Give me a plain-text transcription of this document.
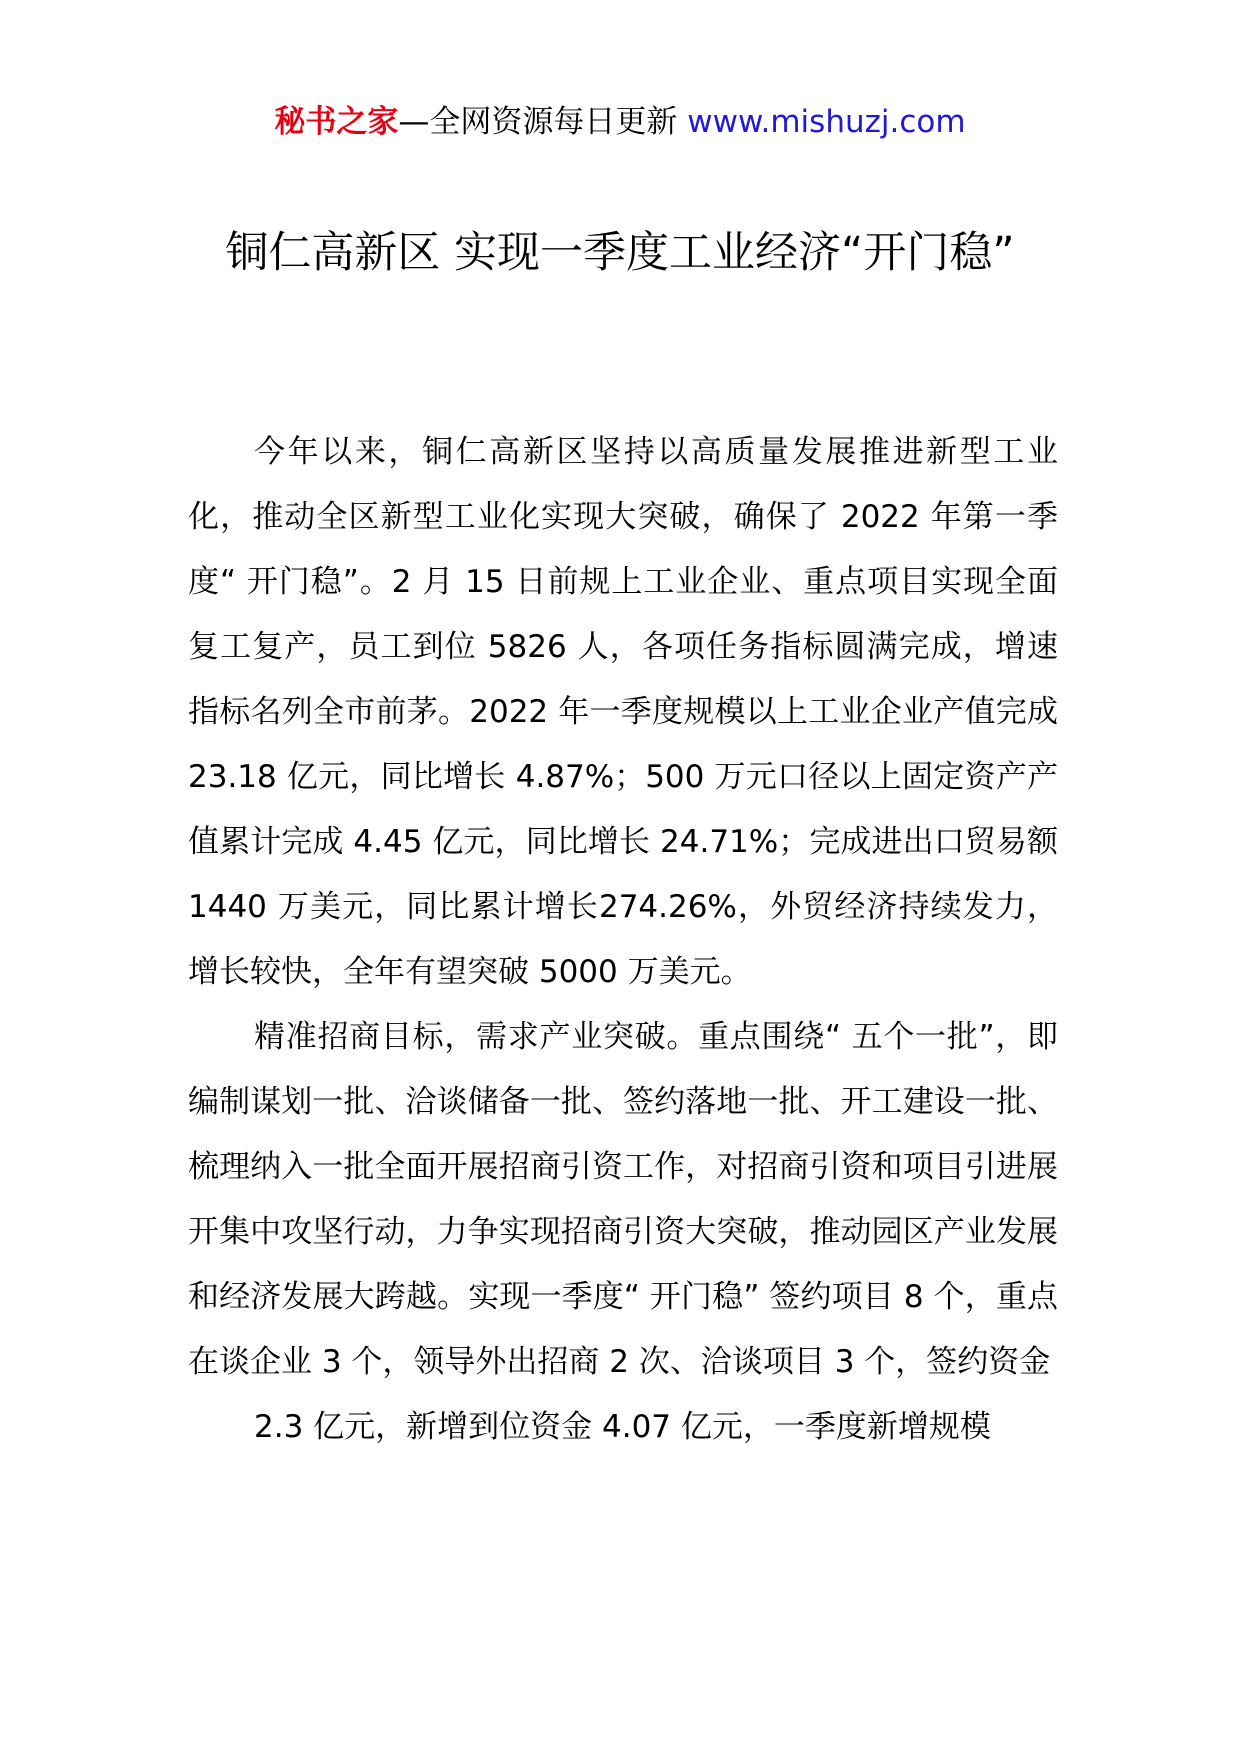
秘书之家—全网资源每日更新 www.mishuzj.com
铜仁高新区 实现一季度工业经济“开门稳”

今年以来，铜仁高新区坚持以高质量发展推进新型工业化，推动全区新型工业化实现大突破，确保了 2022 年第一季度“ 开门稳”。2 月 15 日前规上工业企业、重点项目实现全面复工复产，员工到位 5826 人，各项任务指标圆满完成，增速指标名列全市前茅。2022 年一季度规模以上工业企业产值完成 23.18 亿元，同比增长 4.87%；500 万元口径以上固定资产产值累计完成 4.45 亿元，同比增长 24.71%；完成进出口贸易额 1440 万美元，同比累计增长274.26%，外贸经济持续发力，增长较快，全年有望突破 5000 万美元。

精准招商目标，需求产业突破。重点围绕“ 五个一批”，即编制谋划一批、洽谈储备一批、签约落地一批、开工建设一批、梳理纳入一批全面开展招商引资工作，对招商引资和项目引进展开集中攻坚行动，力争实现招商引资大突破，推动园区产业发展和经济发展大跨越。实现一季度“ 开门稳” 签约项目 8 个，重点在谈企业 3 个，领导外出招商 2 次、洽谈项目 3 个，签约资金

2.3 亿元，新增到位资金 4.07 亿元，一季度新增规模
